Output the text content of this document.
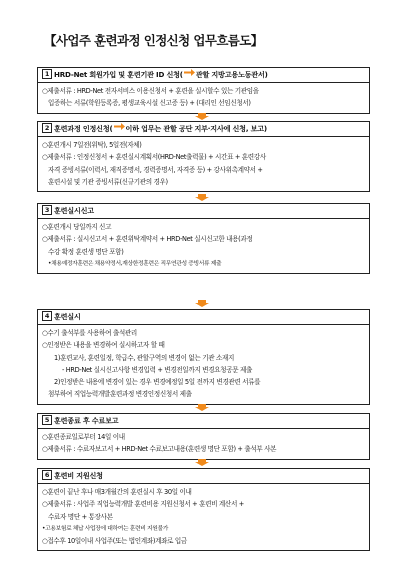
【사업주 훈련과정 인정신청 업무흐름도】
1 HRD-Net 회원가입 및 훈련기관 ID 신청( 관할 지방고용노동관서)
○제출서류 : HRD-Net 전자서비스 이용신청서 + 훈련을 실시할수 있는 기관임을
입증하는 서류(학원등록증, 평생교육시설 신고증 등) + (대리인 선임신청서)
2 훈련과정 인정신청( 이하 업무는 관할 공단 지부·지사에 신청, 보고)
○훈련개시 7일전(위탁), 5일전(자체)
○제출서류 : 인정신청서 + 훈련실시계획서(HRD-Net출력물) + 시간표 + 훈련강사
자격 증빙서류(이력서, 재직증명서, 경력증명서, 자격증 등) + 강사위촉계약서 +
훈련시설 및 기관 증빙서류(신규기관의 경우)
3 훈련실시신고
○훈련개시 당일까지 신고
○제출서류 : 실시신고서 + 훈련위탁계약서 + HRD-Net 실시신고한 내용(과정
수강 확정 훈련생 명단 포함)
•채용예정자훈련은 채용약정서,재상한정훈련은 직무연관성 증빙서류 제출
4 훈련실시
○수기 출석부를 사용하여 출석관리
○인정받은 내용을 변경하여 실시하고자 할 때
1)훈련교사, 훈련일정, 학급수, 관할구역의 변경이 없는 기관 소재지
- HRD-Net 실시신고사항 변경입력 + 변경전일까지 변경요청공문 제출
2)인정받은 내용에 변경이 있는 경우 변경예정일 5일 전까지 변경관련 서류를
첨부하여 직업능력개발훈련과정 변경인정신청서 제출
5 훈련종료 후 수료보고
○훈련종료일로부터 14일 이내
○제출서류 : 수료자보고서 + HRD-Net 수료보고내용(훈련생 명단 포함) + 출석부 사본
6 훈련비 지원신청
○훈련이 끝난 후나 매3개월간의 훈련실시 후 30일 이내
○제출서류 : 사업주 직업능력개발 훈련비용 지원신청서 + 훈련비 계산서 +
수료자 명단 + 통장사본
•고용보험료 체납 사업장에 대하여는 훈련비 지원불가
○접수후 10일이내 사업주(또는 법인계좌)계좌로 입금
